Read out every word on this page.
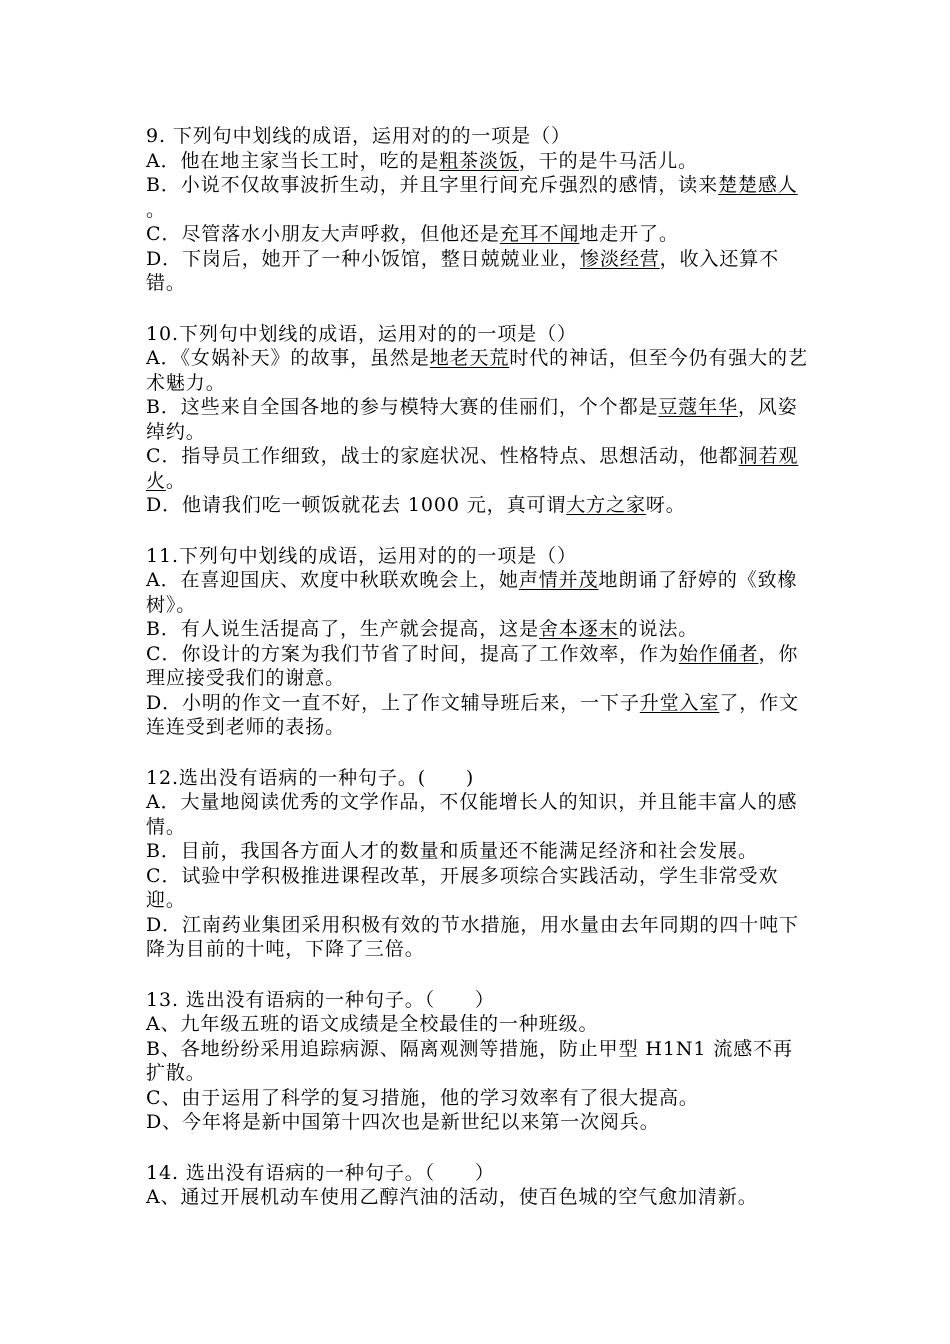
9. 下列句中划线的成语，运用对的的一项是（）
A．他在地主家当长工时，吃的是粗茶淡饭，干的是牛马活儿。
B．小说不仅故事波折生动，并且字里行间充斥强烈的感情，读来楚楚感人 。
C．尽管落水小朋友大声呼救，但他还是充耳不闻地走开了。
D．下岗后，她开了一种小饭馆，整日兢兢业业，惨淡经营，收入还算不错。
10.下列句中划线的成语，运用对的的一项是（）
A．《女娲补天》的故事，虽然是地老天荒时代的神话，但至今仍有强大的艺术魅力。
B．这些来自全国各地的参与模特大赛的佳丽们，个个都是豆蔻年华，风姿绰约。
C．指导员工作细致，战士的家庭状况、性格特点、思想活动，他都洞若观火。
D．他请我们吃一顿饭就花去 1000 元，真可谓大方之家呀。
11.下列句中划线的成语，运用对的的一项是（）
A．在喜迎国庆、欢度中秋联欢晚会上，她声情并茂地朗诵了舒婷的《致橡树》。
B．有人说生活提高了，生产就会提高，这是舍本逐末的说法。
C．你设计的方案为我们节省了时间，提高了工作效率，作为始作俑者，你理应接受我们的谢意。
D．小明的作文一直不好，上了作文辅导班后来，一下子升堂入室了，作文连连受到老师的表扬。
12.选出没有语病的一种句子。(　　)
A．大量地阅读优秀的文学作品，不仅能增长人的知识，并且能丰富人的感情。
B．目前，我国各方面人才的数量和质量还不能满足经济和社会发展。
C．试验中学积极推进课程改革，开展多项综合实践活动，学生非常受欢迎。
D．江南药业集团采用积极有效的节水措施，用水量由去年同期的四十吨下降为目前的十吨，下降了三倍。
13. 选出没有语病的一种句子。（　　）
A、九年级五班的语文成绩是全校最佳的一种班级。
B、各地纷纷采用追踪病源、隔离观测等措施，防止甲型 H1N1 流感不再扩散。
C、由于运用了科学的复习措施，他的学习效率有了很大提高。
D、今年将是新中国第十四次也是新世纪以来第一次阅兵。
14. 选出没有语病的一种句子。（　　）
A、通过开展机动车使用乙醇汽油的活动，使百色城的空气愈加清新。
